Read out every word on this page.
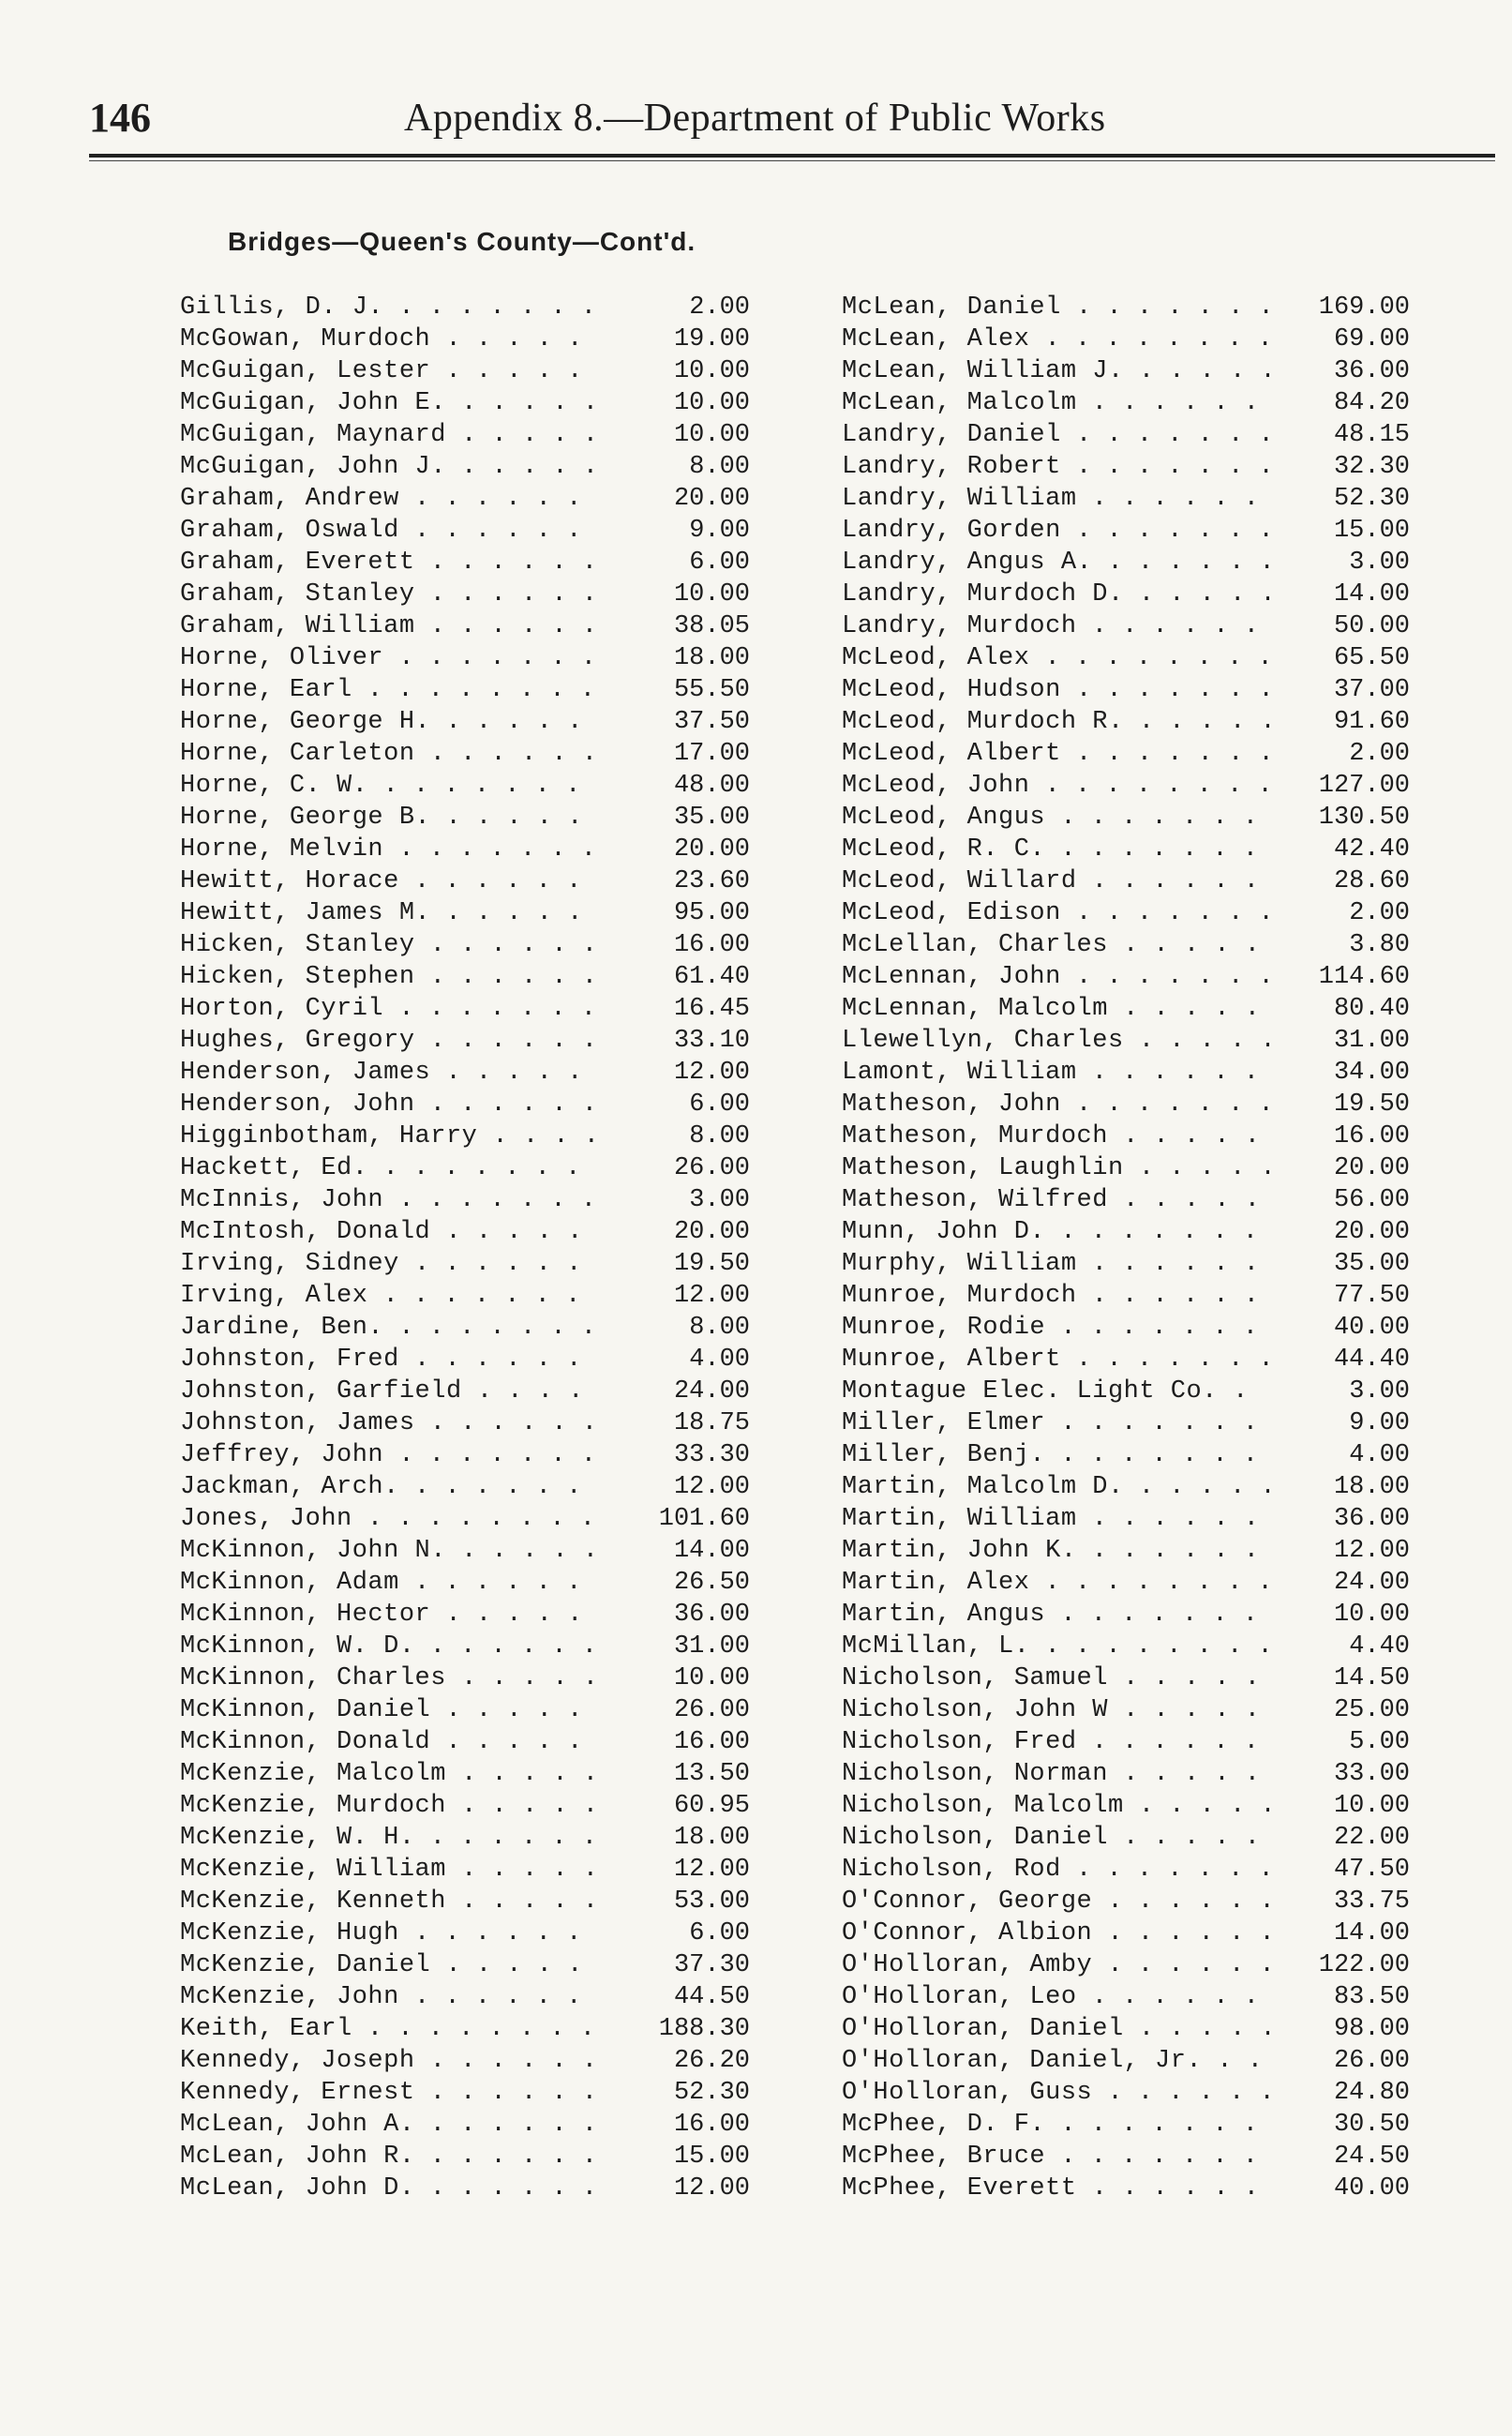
146	Appendix 8.—Department of Public Works
Bridges—Queen's County—Cont'd.
Gillis, D. J. . . .	2.00
McGowan, Murdoch . . .	19.00
McGuigan, Lester . . .	10.00
McGuigan, John E. . . .	10.00
McGuigan, Maynard . . .	10.00
McGuigan, John J. . . .	8.00
Graham, Andrew . . .	20.00
Graham, Oswald . . .	9.00
Graham, Everett . . .	6.00
Graham, Stanley . . .	10.00
Graham, William . . .	38.05
Horne, Oliver . . .	18.00
Horne, Earl . . .	55.50
Horne, George H. . . .	37.50
Horne, Carleton . . .	17.00
Horne, C. W. . . .	48.00
Horne, George B. . . .	35.00
Horne, Melvin . . .	20.00
Hewitt, Horace . . .	23.60
Hewitt, James M. . . .	95.00
Hicken, Stanley . . .	16.00
Hicken, Stephen . . .	61.40
Horton, Cyril . . .	16.45
Hughes, Gregory . . .	33.10
Henderson, James . . .	12.00
Henderson, John . . .	6.00
Higginbotham, Harry . . .	8.00
Hackett, Ed. . . .	26.00
McInnis, John . . .	3.00
McIntosh, Donald . . .	20.00
Irving, Sidney . . .	19.50
Irving, Alex . . .	12.00
Jardine, Ben. . . .	8.00
Johnston, Fred . . .	4.00
Johnston, Garfield . . .	24.00
Johnston, James . . .	18.75
Jeffrey, John . . .	33.30
Jackman, Arch. . . .	12.00
Jones, John . . .	101.60
McKinnon, John N. . . .	14.00
McKinnon, Adam . . .	26.50
McKinnon, Hector . . .	36.00
McKinnon, W. D. . . .	31.00
McKinnon, Charles . . .	10.00
McKinnon, Daniel . . .	26.00
McKinnon, Donald . . .	16.00
McKenzie, Malcolm . . .	13.50
McKenzie, Murdoch . . .	60.95
McKenzie, W. H. . . .	18.00
McKenzie, William . . .	12.00
McKenzie, Kenneth . . .	53.00
McKenzie, Hugh . . .	6.00
McKenzie, Daniel . . .	37.30
McKenzie, John . . .	44.50
Keith, Earl . . .	188.30
Kennedy, Joseph . . .	26.20
Kennedy, Ernest . . .	52.30
McLean, John A. . . .	16.00
McLean, John R. . . .	15.00
McLean, John D. . . .	12.00
McLean, Daniel . . .	169.00
McLean, Alex . . .	69.00
McLean, William J. . . .	36.00
McLean, Malcolm . . .	84.20
Landry, Daniel . . .	48.15
Landry, Robert . . .	32.30
Landry, William . . .	52.30
Landry, Gorden . . .	15.00
Landry, Angus A. . . .	3.00
Landry, Murdoch D. . . .	14.00
Landry, Murdoch . . .	50.00
McLeod, Alex . . .	65.50
McLeod, Hudson . . .	37.00
McLeod, Murdoch R. . . .	91.60
McLeod, Albert . . .	2.00
McLeod, John . . .	127.00
McLeod, Angus . . .	130.50
McLeod, R. C. . . .	42.40
McLeod, Willard . . .	28.60
McLeod, Edison . . .	2.00
McLellan, Charles . . .	3.80
McLennan, John . . .	114.60
McLennan, Malcolm . . .	80.40
Llewellyn, Charles . . .	31.00
Lamont, William . . .	34.00
Matheson, John . . .	19.50
Matheson, Murdoch . . .	16.00
Matheson, Laughlin . . .	20.00
Matheson, Wilfred . . .	56.00
Munn, John D. . . .	20.00
Murphy, William . . .	35.00
Munroe, Murdoch . . .	77.50
Munroe, Rodie . . .	40.00
Munroe, Albert . . .	44.40
Montague Elec. Light Co. . . .	3.00
Miller, Elmer . . .	9.00
Miller, Benj. . . .	4.00
Martin, Malcolm D. . . .	18.00
Martin, William . . .	36.00
Martin, John K. . . .	12.00
Martin, Alex . . .	24.00
Martin, Angus . . .	10.00
McMillan, L. . . .	4.40
Nicholson, Samuel . . .	14.50
Nicholson, John W . . .	25.00
Nicholson, Fred . . .	5.00
Nicholson, Norman . . .	33.00
Nicholson, Malcolm . . .	10.00
Nicholson, Daniel . . .	22.00
Nicholson, Rod . . .	47.50
O'Connor, George . . .	33.75
O'Connor, Albion . . .	14.00
O'Holloran, Amby . . .	122.00
O'Holloran, Leo . . .	83.50
O'Holloran, Daniel . . .	98.00
O'Holloran, Daniel, Jr. . . .	26.00
O'Holloran, Guss . . .	24.80
McPhee, D. F. . . .	30.50
McPhee, Bruce . . .	24.50
McPhee, Everett . . .	40.00
